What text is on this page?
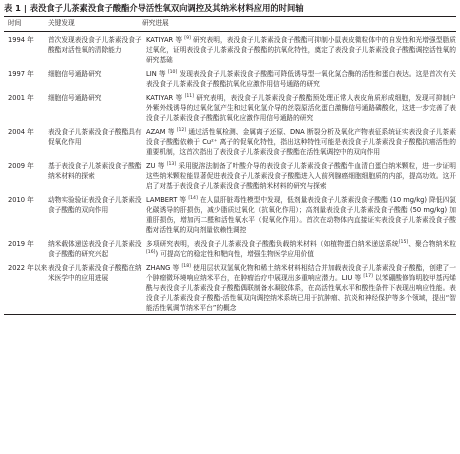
表 1 | 表没食子儿茶素没食子酸酯介导活性氧双向调控及其纳米材料应用的时间轴
时间	关键发现	研究进展
1994 年	首次发现表没食子儿茶素没食子酸酯对活性氧的清除能力	KATIYAR 等 [9] 研究表明，表没食子儿茶素没食子酸酯可抑制小鼠表皮微粒体中的自发性和光增强型脂质过氧化，证明表没食子儿茶素没食子酸酯的抗氧化特性，奠定了表没食子儿茶素没食子酸酯调控活性氧的研究基础
1997 年	细胞信号通路研究	LIN 等 [10] 发现表没食子儿茶素没食子酸酯可降低诱导型一氧化氮合酶的活性和蛋白表达。这是首次有关表没食子儿茶素没食子酸酯抗氧化应激作用信号通路的研究
2001 年	细胞信号通路研究	KATIYAR 等 [11] 研究表明，表没食子儿茶素没食子酸酯预处理正常人表皮角质形成细胞，发现可抑制户外紫外线诱导的过氧化氢产生和过氧化氢介导的丝裂原活化蛋白激酶信号通路磷酸化，这进一步完善了表没食子儿茶素没食子酸酯抗氧化应激作用信号通路的研究
2004 年	表没食子儿茶素没食子酸酯具有促氧化作用	AZAM 等 [12] 通过活性氧检测、金属离子还原、DNA 断裂分析及氧化产物表征系统证实表没食子儿茶素没食子酸酯依赖于 Cu²⁺ 离子的促氧化特性，指出这种特性可能是表没食子儿茶素没食子酸酯抗癌活性的重要机制，这首次指出了表没食子儿茶素没食子酸酯在活性氧调控中的双向作用
2009 年	基于表没食子儿茶素没食子酸酯纳米材料的探索	ZU 等 [13] 采用脱溶法制备了叶酸介导的表没食子儿茶素没食子酸酯牛血清白蛋白纳米颗粒，进一步证明这些纳米颗粒能显著促进表没食子儿茶素没食子酸酯进入人前列腺癌细胞细胞质的内部，提高功效。这开启了对基于表没食子儿茶素没食子酸酯纳米材料的研究与探索
2010 年	动物实验验证表没食子儿茶素没食子酸酯的双向作用	LAMBERT 等 [14] 在人鼠肝脏毒性模型中发现，低剂量表没食子儿茶素没食子酸酯 (10 mg/kg) 降低四氯化碳诱导的肝损伤，减少脂质过氧化（抗氧化作用）；高剂量表没食子儿茶素没食子酸酯 (50 mg/kg) 加重肝损伤，增加丙二醛和活性氧水平（促氧化作用）。首次在动物体内直接证实表没食子儿茶素没食子酸酯对活性氧的双向剂量依赖性调控
2019 年	纳米载体递送表没食子儿茶素没食子酸酯的研究兴起	多项研究表明，表没食子儿茶素没食子酸酯负载纳米材料（如植物蛋白纳米递送系统[15]、聚合物纳米粒[16]) 可提高它的稳定性和靶向性，增强生物医学应用价值
2022 年以来	表没食子儿茶素没食子酸酯在纳米医学中的应用进展	ZHANG 等 [18] 使用层状双氢氧化物和稀土纳米材料相结合并加载表没食子儿茶素没食子酸酯，创建了一个肿瘤微环境响应纳米平台，在肿瘤治疗中展现出多重响应潜力。LIU 等 [17] 以苯硼酸修饰明胶甲基丙烯酰与表没食子儿茶素没食子酸酯偶联制备水凝胶体系，在高活性氧水平和酸性条件下表现出响应性能。表没食子儿茶素没食子酸酯-活性氧双向调控纳米系统已用于抗肿瘤、抗炎和神经保护等多个领域，提出“智能活性氧调节纳米平台”的概念
